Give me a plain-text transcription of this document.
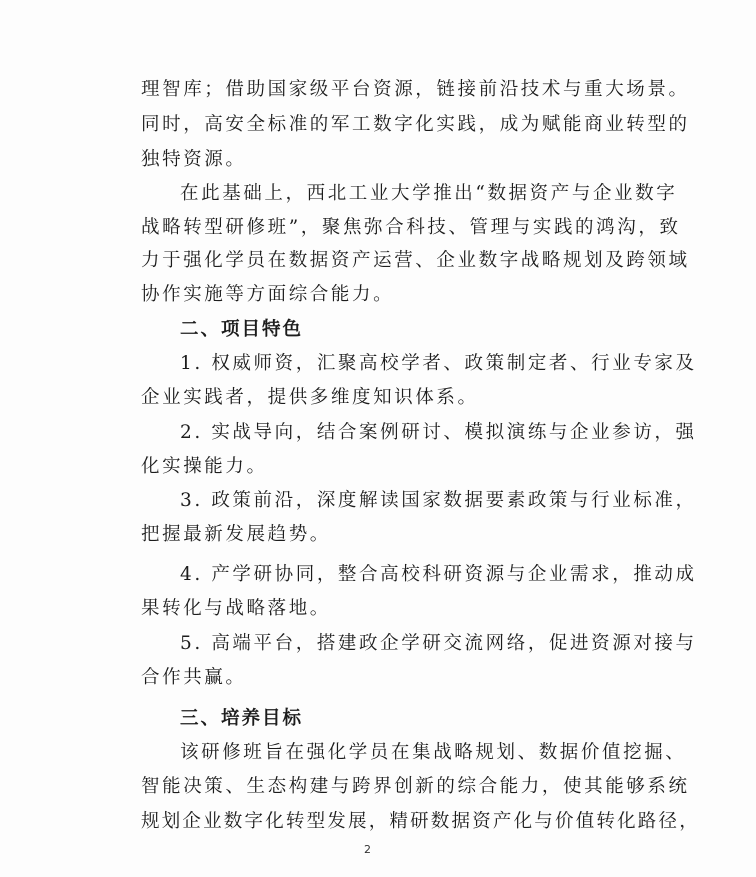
理智库；借助国家级平台资源，链接前沿技术与重大场景。
同时，高安全标准的军工数字化实践，成为赋能商业转型的
独特资源。
在此基础上，西北工业大学推出“数据资产与企业数字
战略转型研修班”，聚焦弥合科技、管理与实践的鸿沟，致
力于强化学员在数据资产运营、企业数字战略规划及跨领域
协作实施等方面综合能力。
二、项目特色
1. 权威师资，汇聚高校学者、政策制定者、行业专家及
企业实践者，提供多维度知识体系。
2. 实战导向，结合案例研讨、模拟演练与企业参访，强
化实操能力。
3. 政策前沿，深度解读国家数据要素政策与行业标准，
把握最新发展趋势。
4. 产学研协同，整合高校科研资源与企业需求，推动成
果转化与战略落地。
5. 高端平台，搭建政企学研交流网络，促进资源对接与
合作共赢。
三、培养目标
该研修班旨在强化学员在集战略规划、数据价值挖掘、
智能决策、生态构建与跨界创新的综合能力，使其能够系统
规划企业数字化转型发展，精研数据资产化与价值转化路径，
2
